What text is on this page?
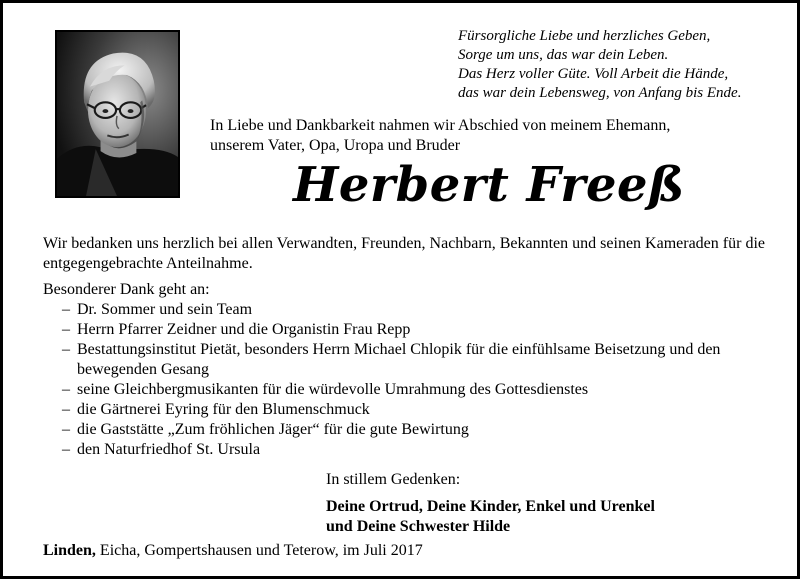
Fürsorgliche Liebe und herzliches Geben,
Sorge um uns, das war dein Leben.
Das Herz voller Güte. Voll Arbeit die Hände,
das war dein Lebensweg, von Anfang bis Ende.
In Liebe und Dankbarkeit nahmen wir Abschied von meinem Ehemann,
unserem Vater, Opa, Uropa und Bruder
Herbert Freeß
Wir bedanken uns herzlich bei allen Verwandten, Freunden, Nachbarn, Bekannten und seinen Kameraden für die entgegengebrachte Anteilnahme.
Besonderer Dank geht an:
– Dr. Sommer und sein Team
– Herrn Pfarrer Zeidner und die Organistin Frau Repp
– Bestattungsinstitut Pietät, besonders Herrn Michael Chlopik für die einfühlsame Beisetzung und den bewegenden Gesang
– seine Gleichbergmusikanten für die würdevolle Umrahmung des Gottesdienstes
– die Gärtnerei Eyring für den Blumenschmuck
– die Gaststätte „Zum fröhlichen Jäger“ für die gute Bewirtung
– den Naturfriedhof St. Ursula
In stillem Gedenken:
Deine Ortrud, Deine Kinder, Enkel und Urenkel
und Deine Schwester Hilde
Linden, Eicha, Gompertshausen und Teterow, im Juli 2017
